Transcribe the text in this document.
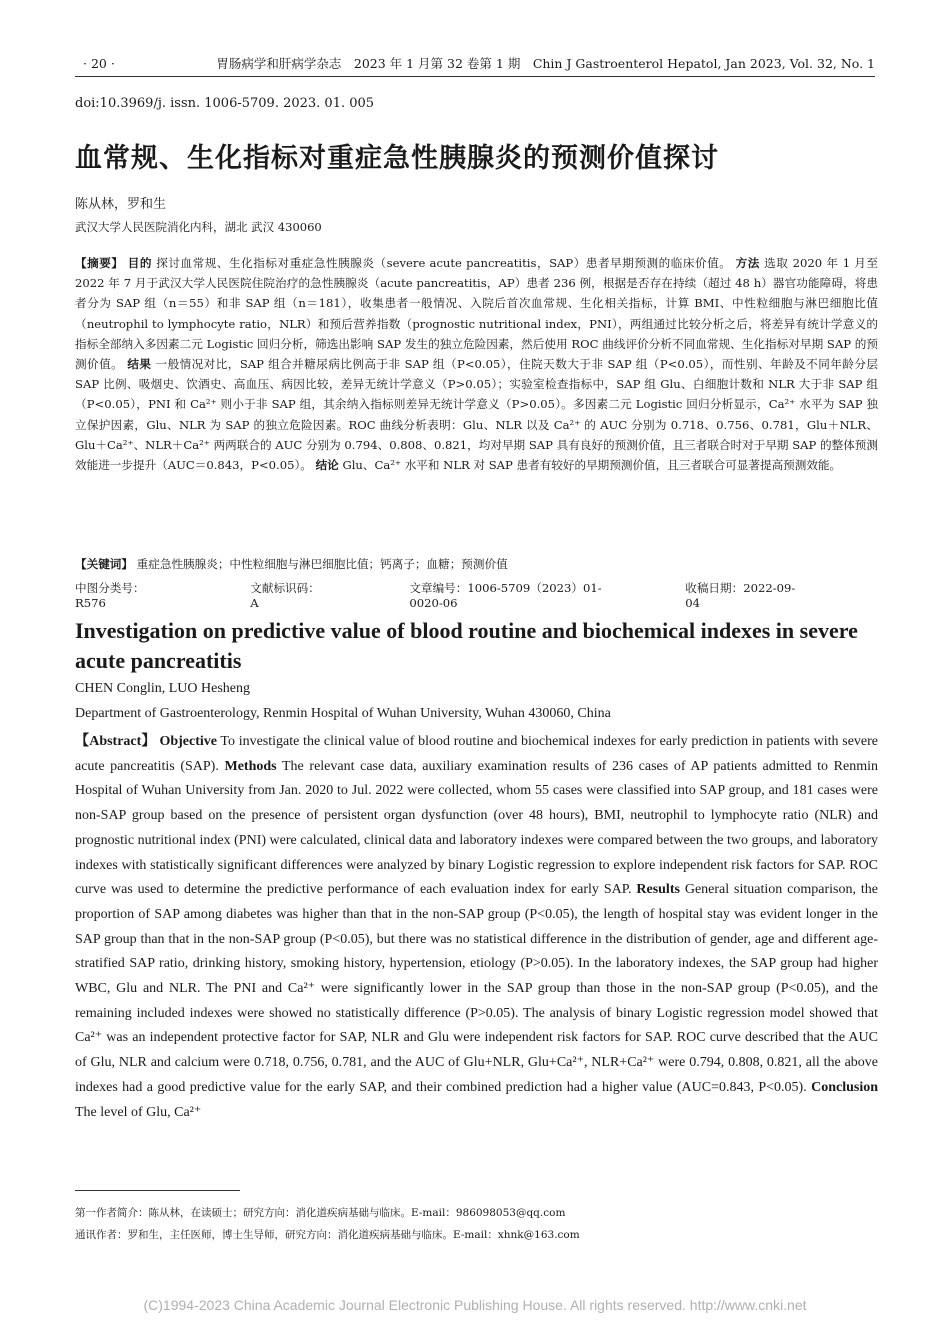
· 20 ·	胃肠病学和肝病学杂志　2023 年 1 月第 32 卷第 1 期　Chin J Gastroenterol Hepatol, Jan 2023, Vol. 32, No. 1
doi:10.3969/j. issn. 1006-5709. 2023. 01. 005
血常规、生化指标对重症急性胰腺炎的预测价值探讨
陈从林，罗和生
武汉大学人民医院消化内科，湖北 武汉 430060
【摘要】 目的 探讨血常规、生化指标对重症急性胰腺炎（severe acute pancreatitis，SAP）患者早期预测的临床价值。 方法 选取 2020 年 1 月至 2022 年 7 月于武汉大学人民医院住院治疗的急性胰腺炎（acute pancreatitis，AP）患者 236 例，根据是否存在持续（超过 48 h）器官功能障碍，将患者分为 SAP 组（n＝55）和非 SAP 组（n＝181），收集患者一般情况、入院后首次血常规、生化相关指标，计算 BMI、中性粒细胞与淋巴细胞比值（neutrophil to lymphocyte ratio，NLR）和预后营养指数（prognostic nutritional index，PNI），两组通过比较分析之后，将差异有统计学意义的指标全部纳入多因素二元 Logistic 回归分析，筛选出影响 SAP 发生的独立危险因素，然后使用 ROC 曲线评价分析不同血常规、生化指标对早期 SAP 的预测价值。 结果 一般情况对比，SAP 组合并糖尿病比例高于非 SAP 组（P<0.05），住院天数大于非 SAP 组（P<0.05），而性别、年龄及不同年龄分层 SAP 比例、吸烟史、饮酒史、高血压、病因比较，差异无统计学意义（P>0.05）；实验室检查指标中，SAP 组 Glu、白细胞计数和 NLR 大于非 SAP 组（P<0.05），PNI 和 Ca²⁺ 则小于非 SAP 组，其余纳入指标则差异无统计学意义（P>0.05）。多因素二元 Logistic 回归分析显示，Ca²⁺ 水平为 SAP 独立保护因素，Glu、NLR 为 SAP 的独立危险因素。ROC 曲线分析表明：Glu、NLR 以及 Ca²⁺ 的 AUC 分别为 0.718、0.756、0.781，Glu＋NLR、Glu＋Ca²⁺、NLR＋Ca²⁺ 两两联合的 AUC 分别为 0.794、0.808、0.821，均对早期 SAP 具有良好的预测价值，且三者联合时对于早期 SAP 的整体预测效能进一步提升（AUC＝0.843，P<0.05）。 结论 Glu、Ca²⁺ 水平和 NLR 对 SAP 患者有较好的早期预测价值，且三者联合可显著提高预测效能。
【关键词】 重症急性胰腺炎；中性粒细胞与淋巴细胞比值；钙离子；血糖；预测价值
中图分类号：R576
文献标识码：A
文章编号：1006-5709（2023）01-0020-06
收稿日期：2022-09-04
Investigation on predictive value of blood routine and biochemical indexes in severe acute pancreatitis
CHEN Conglin, LUO Hesheng
Department of Gastroenterology, Renmin Hospital of Wuhan University, Wuhan 430060, China
【Abstract】 Objective To investigate the clinical value of blood routine and biochemical indexes for early prediction in patients with severe acute pancreatitis (SAP). Methods The relevant case data, auxiliary examination results of 236 cases of AP patients admitted to Renmin Hospital of Wuhan University from Jan. 2020 to Jul. 2022 were collected, whom 55 cases were classified into SAP group, and 181 cases were non-SAP group based on the presence of persistent organ dysfunction (over 48 hours), BMI, neutrophil to lymphocyte ratio (NLR) and prognostic nutritional index (PNI) were calculated, clinical data and laboratory indexes were compared between the two groups, and laboratory indexes with statistically significant differences were analyzed by binary Logistic regression to explore independent risk factors for SAP. ROC curve was used to determine the predictive performance of each evaluation index for early SAP. Results General situation comparison, the proportion of SAP among diabetes was higher than that in the non-SAP group (P<0.05), the length of hospital stay was evident longer in the SAP group than that in the non-SAP group (P<0.05), but there was no statistical difference in the distribution of gender, age and different age-stratified SAP ratio, drinking history, smoking history, hypertension, etiology (P>0.05). In the laboratory indexes, the SAP group had higher WBC, Glu and NLR. The PNI and Ca²⁺ were significantly lower in the SAP group than those in the non-SAP group (P<0.05), and the remaining included indexes were showed no statistically difference (P>0.05). The analysis of binary Logistic regression model showed that Ca²⁺ was an independent protective factor for SAP, NLR and Glu were independent risk factors for SAP. ROC curve described that the AUC of Glu, NLR and calcium were 0.718, 0.756, 0.781, and the AUC of Glu+NLR, Glu+Ca²⁺, NLR+Ca²⁺ were 0.794, 0.808, 0.821, all the above indexes had a good predictive value for the early SAP, and their combined prediction had a higher value (AUC=0.843, P<0.05). Conclusion The level of Glu, Ca²⁺
第一作者简介：陈从林，在读硕士；研究方向：消化道疾病基础与临床。E-mail：986098053@qq.com
通讯作者：罗和生，主任医师，博士生导师，研究方向：消化道疾病基础与临床。E-mail：xhnk@163.com
(C)1994-2023 China Academic Journal Electronic Publishing House. All rights reserved. http://www.cnki.net
